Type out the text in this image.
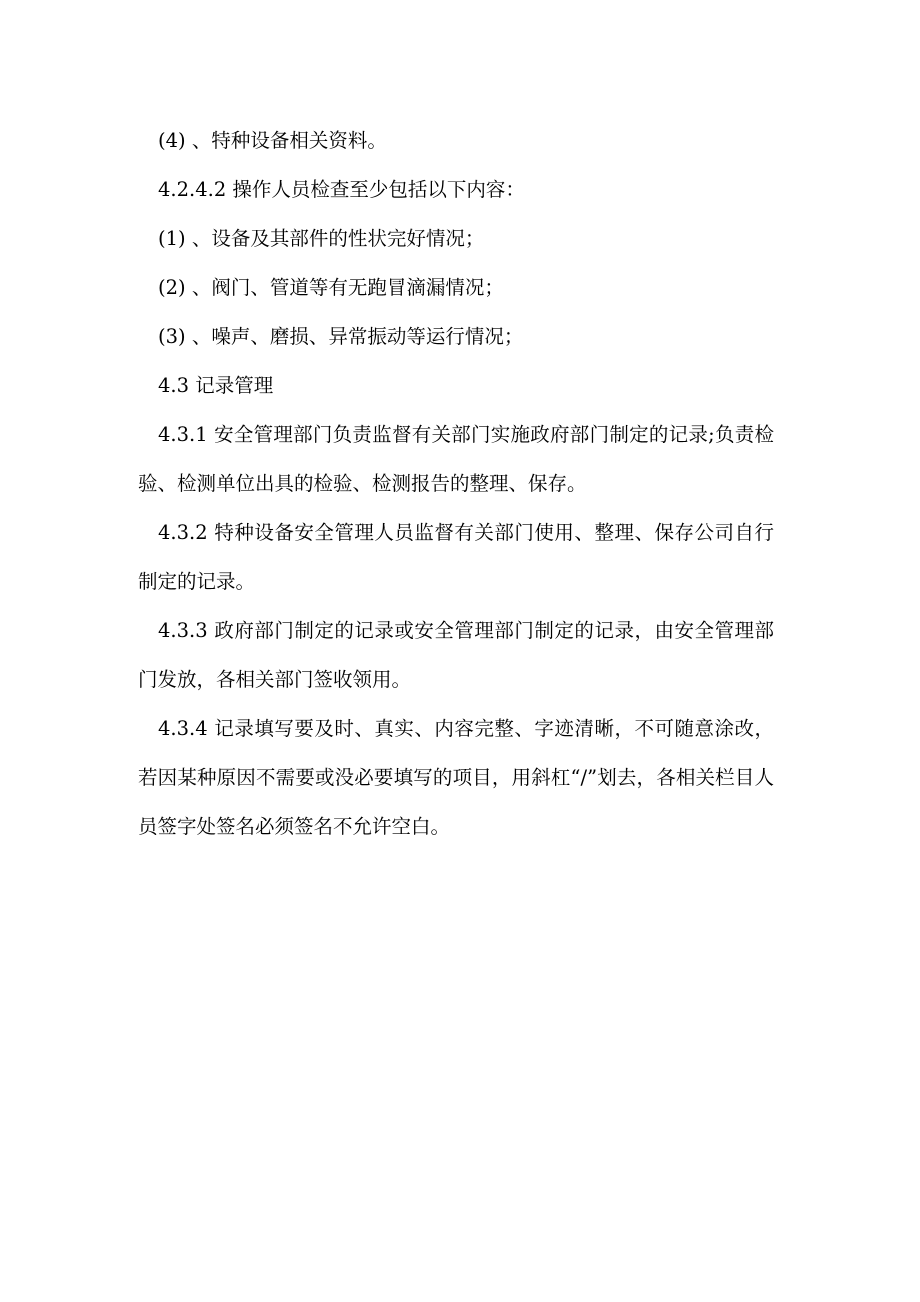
(4) 、特种设备相关资料。

4.2.4.2 操作人员检查至少包括以下内容：

(1) 、设备及其部件的性状完好情况；

(2) 、阀门、管道等有无跑冒滴漏情况；

(3) 、噪声、磨损、异常振动等运行情况；

4.3 记录管理

4.3.1 安全管理部门负责监督有关部门实施政府部门制定的记录;负责检验、检测单位出具的检验、检测报告的整理、保存。

4.3.2 特种设备安全管理人员监督有关部门使用、整理、保存公司自行制定的记录。

4.3.3 政府部门制定的记录或安全管理部门制定的记录，由安全管理部门发放，各相关部门签收领用。

4.3.4 记录填写要及时、真实、内容完整、字迹清晰，不可随意涂改，若因某种原因不需要或没必要填写的项目，用斜杠“/”划去，各相关栏目人员签字处签名必须签名不允许空白。
